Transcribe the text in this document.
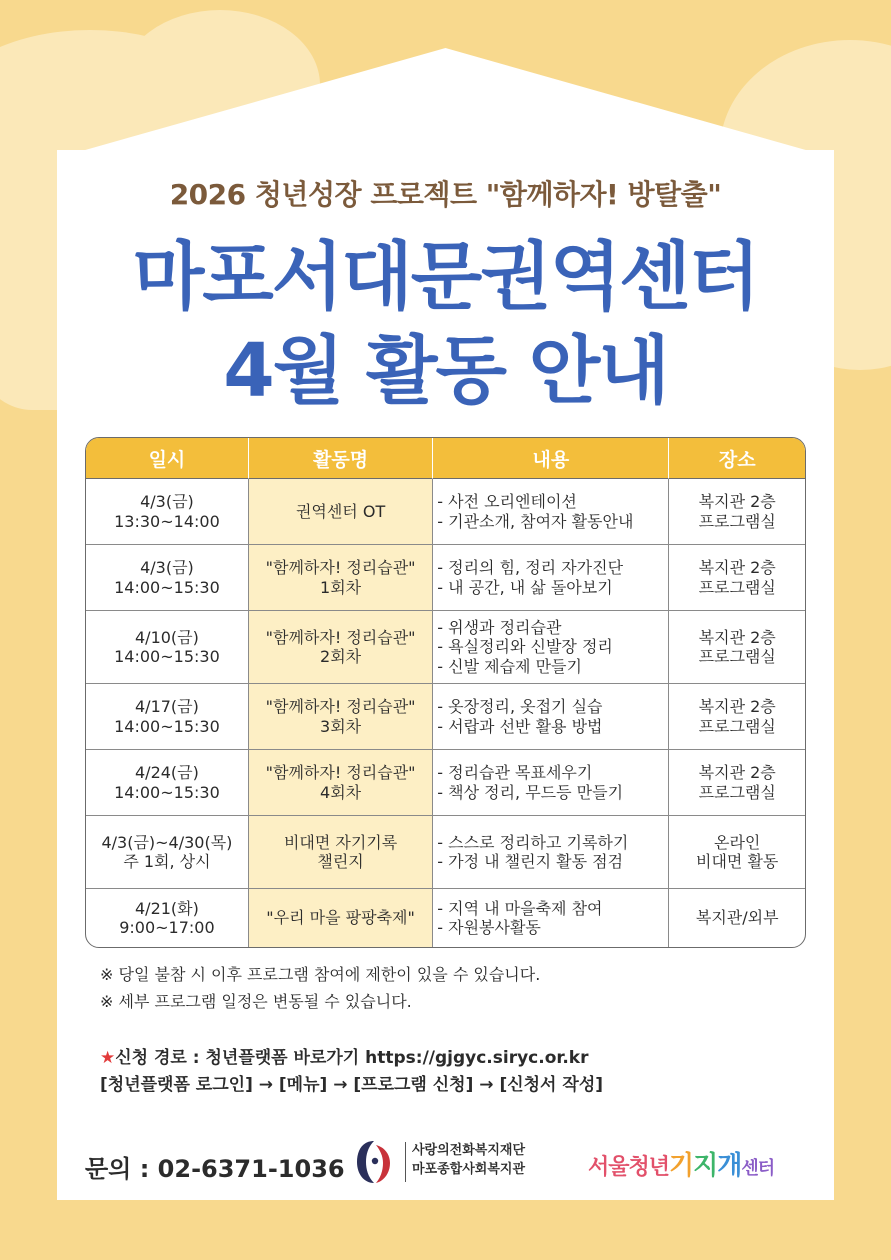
2026 청년성장 프로젝트 "함께하자! 방탈출"
마포서대문권역센터
4월 활동 안내
일시	활동명	내용	장소

4/3(금)
13:30~14:00	권역센터 OT	- 사전 오리엔테이션
- 기관소개, 참여자 활동안내	복지관 2층
프로그램실

4/3(금)
14:00~15:30	"함께하자! 정리습관"
1회차	- 정리의 힘, 정리 자가진단
- 내 공간, 내 삶 돌아보기	복지관 2층
프로그램실

4/10(금)
14:00~15:30	"함께하자! 정리습관"
2회차	- 위생과 정리습관
- 욕실정리와 신발장 정리
- 신발 제습제 만들기	복지관 2층
프로그램실

4/17(금)
14:00~15:30	"함께하자! 정리습관"
3회차	- 옷장정리, 옷접기 실습
- 서랍과 선반 활용 방법	복지관 2층
프로그램실

4/24(금)
14:00~15:30	"함께하자! 정리습관"
4회차	- 정리습관 목표세우기
- 책상 정리, 무드등 만들기	복지관 2층
프로그램실

4/3(금)~4/30(목)
주 1회, 상시	비대면 자기기록
챌린지	- 스스로 정리하고 기록하기
- 가정 내 챌린지 활동 점검	온라인
비대면 활동

4/21(화)
9:00~17:00	"우리 마을 팡팡축제"	- 지역 내 마을축제 참여
- 자원봉사활동	복지관/외부
※ 당일 불참 시 이후 프로그램 참여에 제한이 있을 수 있습니다.
※ 세부 프로그램 일정은 변동될 수 있습니다.
★신청 경로 : 청년플랫폼 바로가기 https://gjgyc.siryc.or.kr
[청년플랫폼 로그인] → [메뉴] → [프로그램 신청] → [신청서 작성]
문의 : 02-6371-1036
사랑의전화복지재단
마포종합사회복지관	서울청년기지개센터
